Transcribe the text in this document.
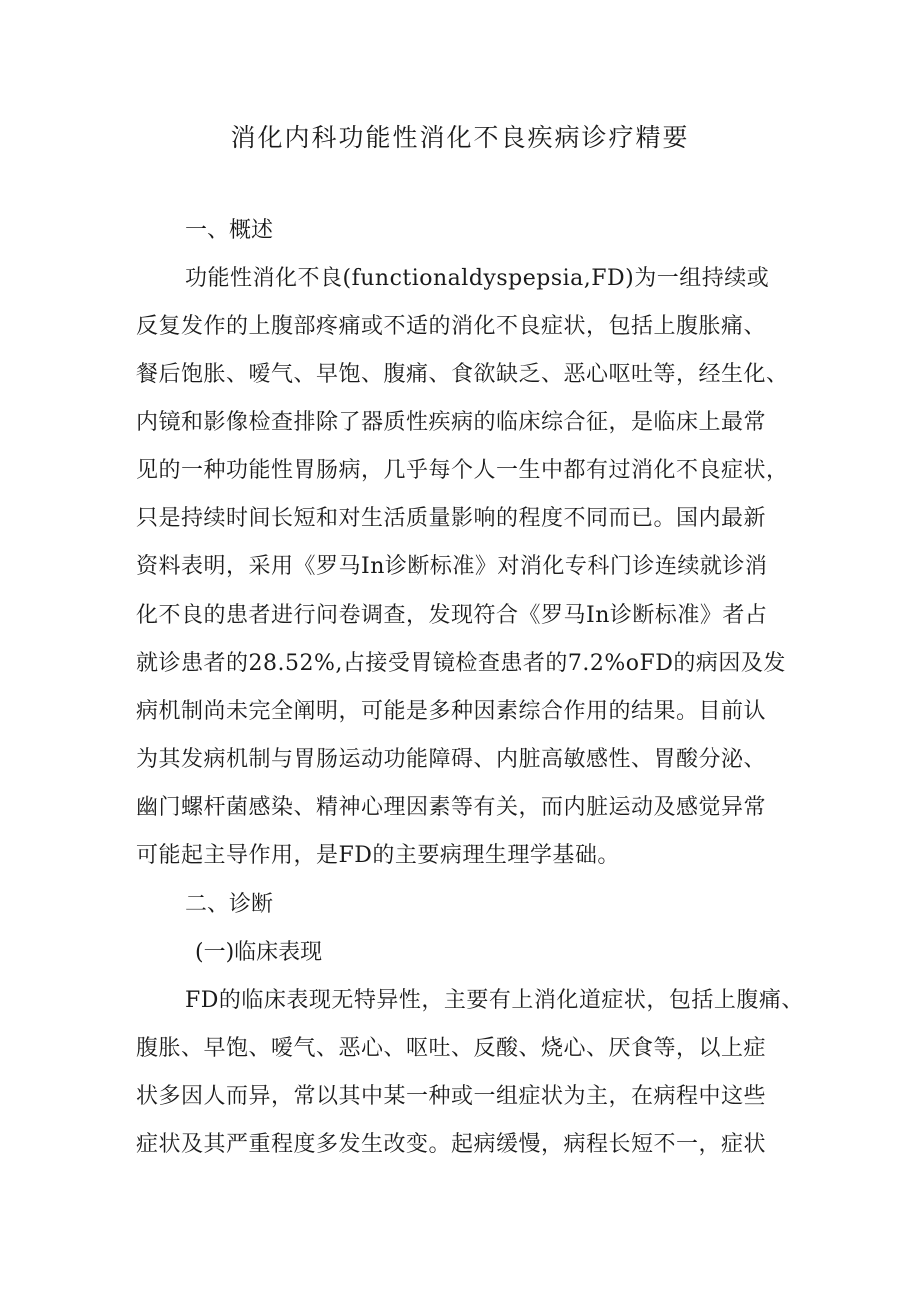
消化内科功能性消化不良疾病诊疗精要
一、概述
功能性消化不良(functionaldyspepsia,FD)为一组持续或
反复发作的上腹部疼痛或不适的消化不良症状，包括上腹胀痛、
餐后饱胀、嗳气、早饱、腹痛、食欲缺乏、恶心呕吐等，经生化、
内镜和影像检查排除了器质性疾病的临床综合征，是临床上最常
见的一种功能性胃肠病，几乎每个人一生中都有过消化不良症状，
只是持续时间长短和对生活质量影响的程度不同而已。国内最新
资料表明，采用《罗马In诊断标准》对消化专科门诊连续就诊消
化不良的患者进行问卷调查，发现符合《罗马In诊断标准》者占
就诊患者的28.52%,占接受胃镜检查患者的7.2%oFD的病因及发
病机制尚未完全阐明，可能是多种因素综合作用的结果。目前认
为其发病机制与胃肠运动功能障碍、内脏高敏感性、胃酸分泌、
幽门螺杆菌感染、精神心理因素等有关，而内脏运动及感觉异常
可能起主导作用，是FD的主要病理生理学基础。
二、诊断
(一)临床表现
FD的临床表现无特异性，主要有上消化道症状，包括上腹痛、
腹胀、早饱、嗳气、恶心、呕吐、反酸、烧心、厌食等，以上症
状多因人而异，常以其中某一种或一组症状为主，在病程中这些
症状及其严重程度多发生改变。起病缓慢，病程长短不一，症状
